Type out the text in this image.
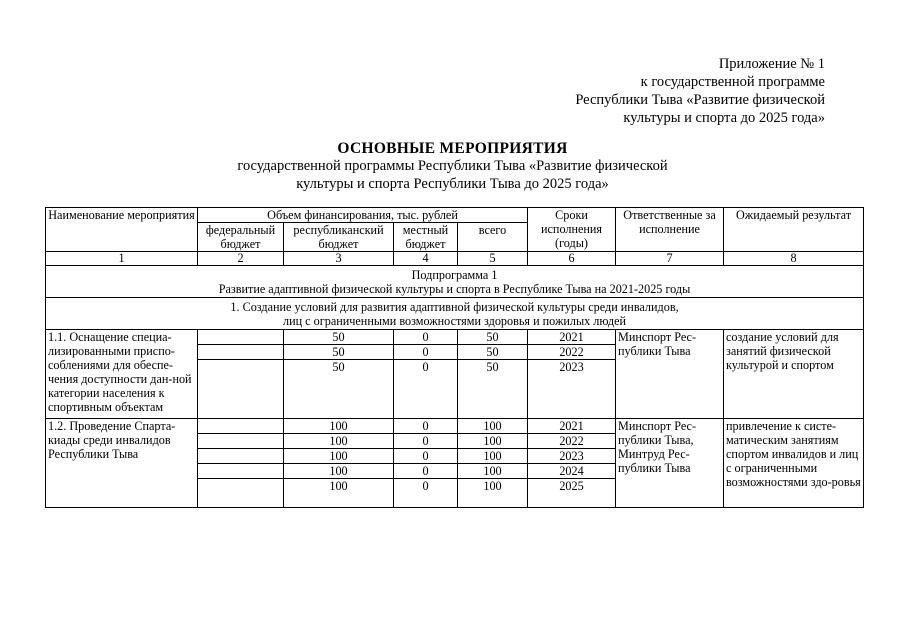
Приложение № 1
к государственной программе
Республики Тыва «Развитие физической
культуры и спорта до 2025 года»
ОСНОВНЫЕ МЕРОПРИЯТИЯ
государственной программы Республики Тыва «Развитие физической
культуры и спорта Республики Тыва до 2025 года»
Наименование мероприятия	Объем финансирования, тыс. рублей				Сроки исполнения (годы)	Ответственные за исполнение	Ожидаемый результат
	федеральный бюджет	республиканский бюджет	местный бюджет	всего			
1	2	3	4	5	6	7	8

Подпрограмма 1
Развитие адаптивной физической культуры и спорта в Республике Тыва на 2021-2025 годы							

1. Создание условий для развития адаптивной физической культуры среди инвалидов,
лиц с ограниченными возможностями здоровья и пожилых людей							

1.1. Оснащение специа-лизированными приспо-соблениями для обеспе-чения доступности дан-ной категории населения к спортивным объектам		50	0	50	2021	Минспорт Рес-публики Тыва	создание условий для занятий физической культурой и спортом
		50	0	50	2022		
		50	0	50	2023		
1.2. Проведение Спарта-киады среди инвалидов Республики Тыва		100	0	100	2021	Минспорт Рес-публики Тыва, Минтруд Рес-публики Тыва	привлечение к систе-матическим занятиям спортом инвалидов и лиц с ограниченными возможностями здо-ровья
		100	0	100	2022		
		100	0	100	2023		
		100	0	100	2024		
		100	0	100	2025		
